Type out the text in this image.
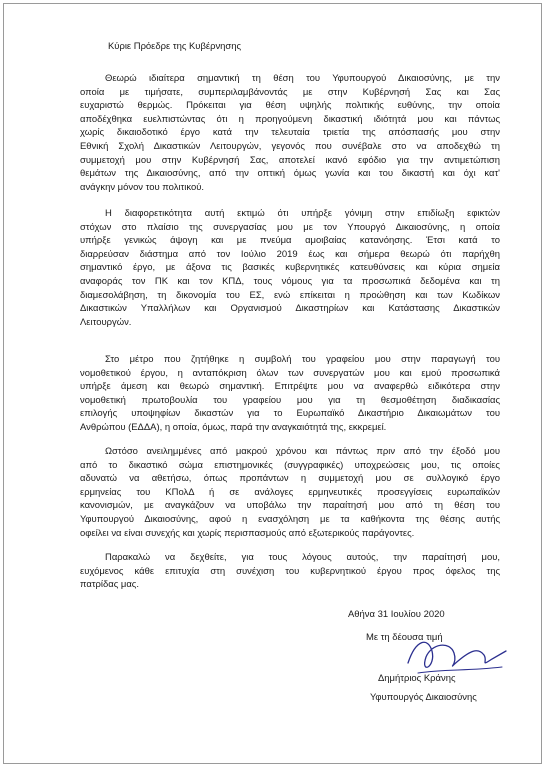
Κύριε Πρόεδρε της Κυβέρνησης
Θεωρώ ιδιαίτερα σημαντική τη θέση του Υφυπουργού Δικαιοσύνης, με την
οποία με τιμήσατε, συμπεριλαμβάνοντάς με στην Κυβέρνησή Σας και Σας
ευχαριστώ θερμώς. Πρόκειται για θέση υψηλής πολιτικής ευθύνης, την οποία
αποδέχθηκα ευελπιστώντας ότι η προηγούμενη δικαστική ιδιότητά μου και πάντως
χωρίς δικαιοδοτικό έργο κατά την τελευταία τριετία της απόσπασής μου στην
Εθνική Σχολή Δικαστικών Λειτουργών, γεγονός που συνέβαλε στο να αποδεχθώ τη
συμμετοχή μου στην Κυβέρνησή Σας, αποτελεί ικανό εφόδιο για την αντιμετώπιση
θεμάτων της Δικαιοσύνης, από την οπτική όμως γωνία και του δικαστή και όχι κατ'
ανάγκην μόνον του πολιτικού.
Η διαφορετικότητα αυτή εκτιμώ ότι υπήρξε γόνιμη στην επιδίωξη εφικτών
στόχων στο πλαίσιο της συνεργασίας μου με τον Υπουργό Δικαιοσύνης, η οποία
υπήρξε γενικώς άψογη και με πνεύμα αμοιβαίας κατανόησης. Έτσι κατά το
διαρρεύσαν διάστημα από τον Ιούλιο 2019 έως και σήμερα θεωρώ ότι παρήχθη
σημαντικό έργο, με άξονα τις βασικές κυβερνητικές κατευθύνσεις και κύρια σημεία
αναφοράς τον ΠΚ και τον ΚΠΔ, τους νόμους για τα προσωπικά δεδομένα και τη
διαμεσολάβηση, τη δικονομία του ΕΣ, ενώ επίκειται η προώθηση και των Κωδίκων
Δικαστικών Υπαλλήλων και Οργανισμού Δικαστηρίων και Κατάστασης Δικαστικών
Λειτουργών.
Στο μέτρο που ζητήθηκε η συμβολή του γραφείου μου στην παραγωγή του
νομοθετικού έργου, η ανταπόκριση όλων των συνεργατών μου και εμού προσωπικά
υπήρξε άμεση και θεωρώ σημαντική. Επιτρέψτε μου να αναφερθώ ειδικότερα στην
νομοθετική πρωτοβουλία του γραφείου μου για τη θεσμοθέτηση διαδικασίας
επιλογής υποψηφίων δικαστών για το Ευρωπαϊκό Δικαστήριο Δικαιωμάτων του
Ανθρώπου (ΕΔΔΑ), η οποία, όμως, παρά την αναγκαιότητά της, εκκρεμεί.
Ωστόσο ανειλημμένες από μακρού χρόνου και πάντως πριν από την έξοδό μου
από το δικαστικό σώμα επιστημονικές (συγγραφικές) υποχρεώσεις μου, τις οποίες
αδυνατώ να αθετήσω, όπως προπάντων η συμμετοχή μου σε συλλογικό έργο
ερμηνείας του ΚΠολΔ ή σε ανάλογες ερμηνευτικές προσεγγίσεις ευρωπαϊκών
κανονισμών, με αναγκάζουν να υποβάλω την παραίτησή μου από τη θέση του
Υφυπουργού Δικαιοσύνης, αφού η ενασχόληση με τα καθήκοντα της θέσης αυτής
οφείλει να είναι συνεχής και χωρίς περισπασμούς από εξωτερικούς παράγοντες.
Παρακαλώ να δεχθείτε, για τους λόγους αυτούς, την παραίτησή μου,
ευχόμενος κάθε επιτυχία στη συνέχιση του κυβερνητικού έργου προς όφελος της
πατρίδας μας.
Αθήνα 31 Ιουλίου 2020
Με τη δέουσα τιμή
Δημήτριος Κράνης
Υφυπουργός Δικαιοσύνης
